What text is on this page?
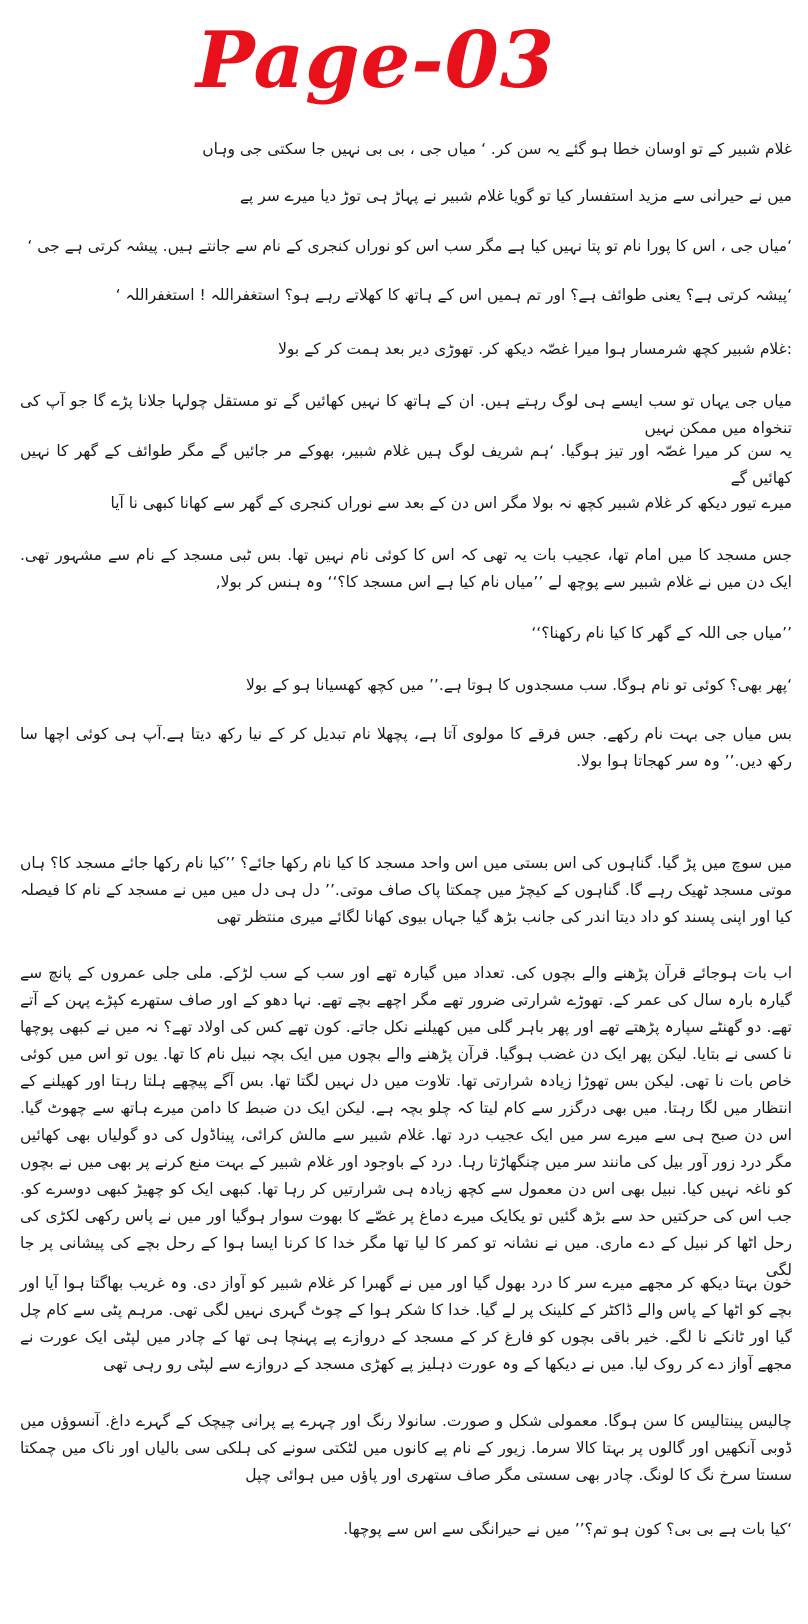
Page-03

غلام شبیر کے تو اوسان خطا ہو گئے یہ سن کر. ‘ میاں جی ، بی بی نہیں جا سکتی جی وہاں

میں نے حیرانی سے مزید استفسار کیا تو گویا غلام شبیر نے پہاڑ ہی توڑ دیا میرے سر پے

‘میاں جی ، اس کا پورا نام تو پتا نہیں کیا ہے مگر سب اس کو نوراں کنجری کے نام سے جانتے ہیں. پیشہ کرتی ہے جی ‘

‘پیشہ کرتی ہے؟ یعنی طوائف ہے؟ اور تم ہمیں اس کے ہاتھ کا کھلاتے رہے ہو؟ استغفراللہ ! استغفراللہ ‘

:غلام شبیر کچھ شرمسار ہوا میرا غصّہ دیکھ کر. تھوڑی دیر بعد ہمت کر کے بولا

میاں جی یہاں تو سب ایسے ہی لوگ رہتے ہیں. ان کے ہاتھ کا نہیں کھائیں گے تو مستقل چولہا جلانا پڑے گا جو آپ کی تنخواہ میں ممکن نہیں

یہ سن کر میرا غصّہ اور تیز ہوگیا. ‘ہم شریف لوگ ہیں غلام شبیر، بھوکے مر جائیں گے مگر طوائف کے گھر کا نہیں کھائیں گے

میرے تیور دیکھ کر غلام شبیر کچھ نہ بولا مگر اس دن کے بعد سے نوراں کنجری کے گھر سے کھانا کبھی نا آیا

جس مسجد کا میں امام تھا، عجیب بات یہ تھی کہ اس کا کوئی نام نہیں تھا. بس ٹبی مسجد کے نام سے مشہور تھی. ایک دن میں نے غلام شبیر سے پوچھ لے ’’میاں نام کیا ہے اس مسجد کا؟‘‘ وہ ہنس کر بولا,

’’میاں جی اللہ کے گھر کا کیا نام رکھنا؟‘‘

‘پھر بھی؟ کوئی تو نام ہوگا. سب مسجدوں کا ہوتا ہے.’’ میں کچھ کھسیانا ہو کے بولا

بس میاں جی بہت نام رکھے. جس فرقے کا مولوی آتا ہے، پچھلا نام تبدیل کر کے نیا رکھ دیتا ہے.آپ ہی کوئی اچھا سا رکھ دیں.’’ وہ سر کھجاتا ہوا بولا.

میں سوچ میں پڑ گیا. گناہوں کی اس بستی میں اس واحد مسجد کا کیا نام رکھا جائے؟ ’’کیا نام رکھا جائے مسجد کا؟ ہاں موتی مسجد ٹھیک رہے گا. گناہوں کے کیچڑ میں چمکتا پاک صاف موتی.’’ دل ہی دل میں میں نے مسجد کے نام کا فیصلہ کیا اور اپنی پسند کو داد دیتا اندر کی جانب بڑھ گیا جہاں بیوی کھانا لگائے میری منتظر تھی

اب بات ہوجائے قرآن پڑھنے والے بچوں کی. تعداد میں گیارہ تھے اور سب کے سب لڑکے. ملی جلی عمروں کے پانچ سے گیارہ بارہ سال کی عمر کے. تھوڑے شرارتی ضرور تھے مگر اچھے بچے تھے. نہا دھو کے اور صاف ستھرے کپڑے پہن کے آتے تھے. دو گھنٹے سپارہ پڑھتے تھے اور پھر باہر گلی میں کھیلنے نکل جاتے. کون تھے کس کی اولاد تھے؟ نہ میں نے کبھی پوچھا نا کسی نے بتایا. لیکن پھر ایک دن غضب ہوگیا. قرآن پڑھنے والے بچوں میں ایک بچہ نبیل نام کا تھا. یوں تو اس میں کوئی خاص بات نا تھی. لیکن بس تھوڑا زیادہ شرارتی تھا. تلاوت میں دل نہیں لگتا تھا. بس آگے پیچھے ہلتا رہتا اور کھیلنے کے انتظار میں لگا رہتا. میں بھی درگزر سے کام لیتا کہ چلو بچہ ہے. لیکن ایک دن ضبط کا دامن میرے ہاتھ سے چھوٹ گیا. اس دن صبح ہی سے میرے سر میں ایک عجیب درد تھا. غلام شبیر سے مالش کرائی، پیناڈول کی دو گولیاں بھی کھائیں مگر درد زور آور بیل کی مانند سر میں چنگھاڑتا رہا. درد کے باوجود اور غلام شبیر کے بہت منع کرنے پر بھی میں نے بچوں کو ناغہ نہیں کیا. نبیل بھی اس دن معمول سے کچھ زیادہ ہی شرارتیں کر رہا تھا. کبھی ایک کو چھیڑ کبھی دوسرے کو. جب اس کی حرکتیں حد سے بڑھ گئیں تو یکایک میرے دماغ پر غصّے کا بھوت سوار ہوگیا اور میں نے پاس رکھی لکڑی کی رحل اٹھا کر نبیل کے دے ماری. میں نے نشانہ تو کمر کا لیا تھا مگر خدا کا کرنا ایسا ہوا کے رحل بچے کی پیشانی پر جا لگی

خون بہتا دیکھ کر مجھے میرے سر کا درد بھول گیا اور میں نے گھبرا کر غلام شبیر کو آواز دی. وہ غریب بھاگتا ہوا آیا اور بچے کو اٹھا کے پاس والے ڈاکٹر کے کلینک پر لے گیا. خدا کا شکر ہوا کے چوٹ گہری نہیں لگی تھی. مرہم پٹی سے کام چل گیا اور ٹانکے نا لگے. خیر باقی بچوں کو فارغ کر کے مسجد کے دروازے پے پہنچا ہی تھا کے چادر میں لپٹی ایک عورت نے مجھے آواز دے کر روک لیا. میں نے دیکھا کے وہ عورت دہلیز پے کھڑی مسجد کے دروازے سے لپٹی رو رہی تھی

چالیس پینتالیس کا سن ہوگا. معمولی شکل و صورت. سانولا رنگ اور چہرے پے پرانی چیچک کے گہرے داغ. آنسوؤں میں ڈوبی آنکھیں اور گالوں پر بہتا کالا سرما. زیور کے نام پے کانوں میں لٹکتی سونے کی ہلکی سی بالیاں اور ناک میں چمکتا سستا سرخ نگ کا لونگ. چادر بھی سستی مگر صاف ستھری اور پاؤں میں ہوائی چپل

‘کیا بات ہے بی بی؟ کون ہو تم؟’’ میں نے حیرانگی سے اس سے پوچھا.
